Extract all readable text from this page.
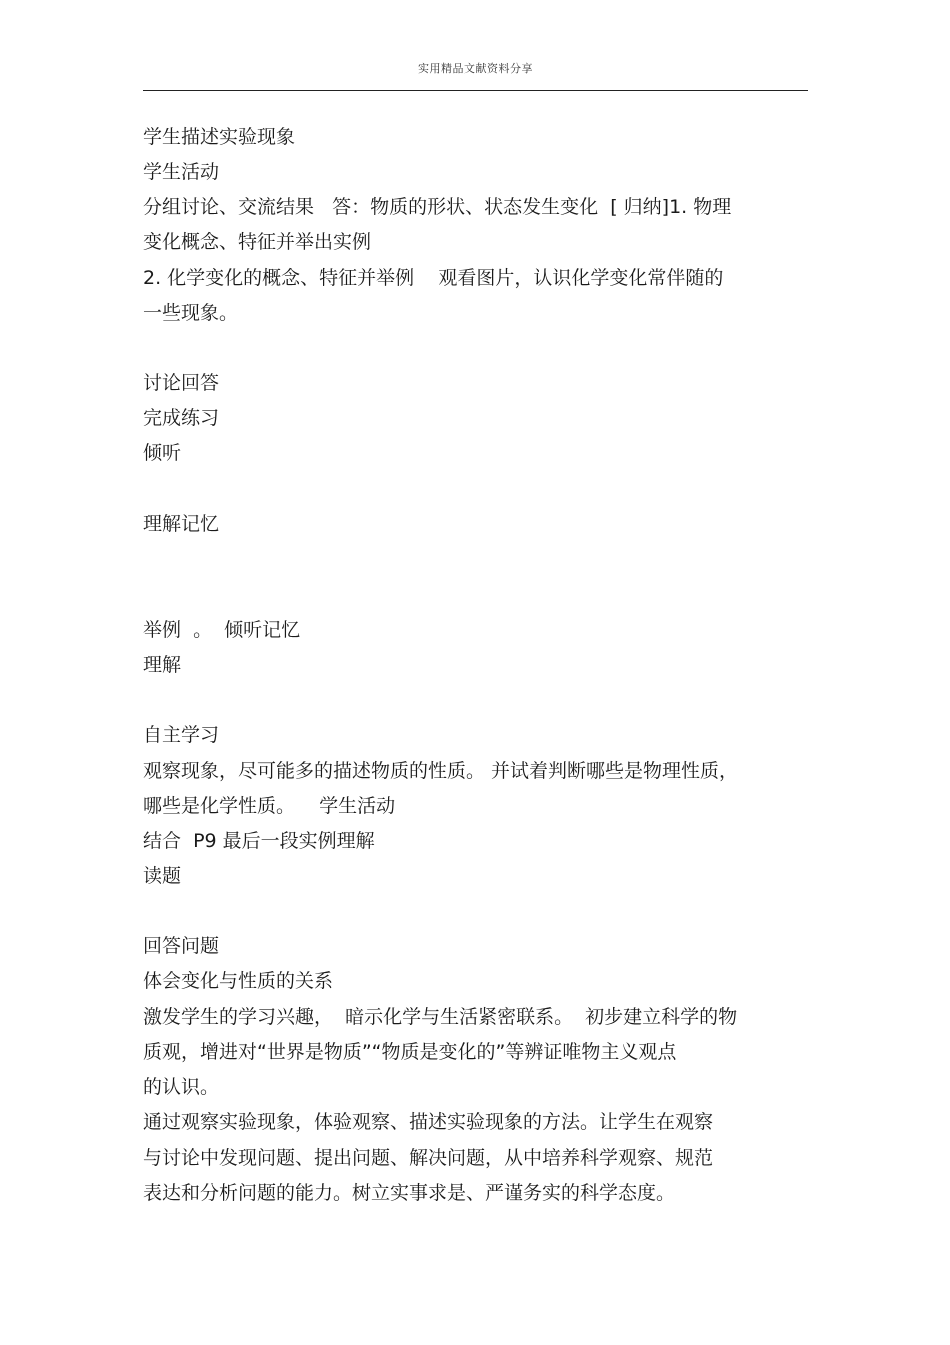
实用精品文献资料分享
学生描述实验现象
学生活动
分组讨论、交流结果   答：物质的形状、状态发生变化  [ 归纳]1. 物理
变化概念、特征并举出实例
2. 化学变化的概念、特征并举例    观看图片，认识化学变化常伴随的
一些现象。
讨论回答
完成练习
倾听
理解记忆
举例  。  倾听记忆
理解
自主学习
观察现象，尽可能多的描述物质的性质。 并试着判断哪些是物理性质，
哪些是化学性质。    学生活动
结合  P9 最后一段实例理解
读题
回答问题
体会变化与性质的关系
激发学生的学习兴趣，  暗示化学与生活紧密联系。  初步建立科学的物
质观，增进对“世界是物质”“物质是变化的”等辨证唯物主义观点
的认识。
通过观察实验现象，体验观察、描述实验现象的方法。让学生在观察
与讨论中发现问题、提出问题、解决问题，从中培养科学观察、规范
表达和分析问题的能力。树立实事求是、严谨务实的科学态度。
